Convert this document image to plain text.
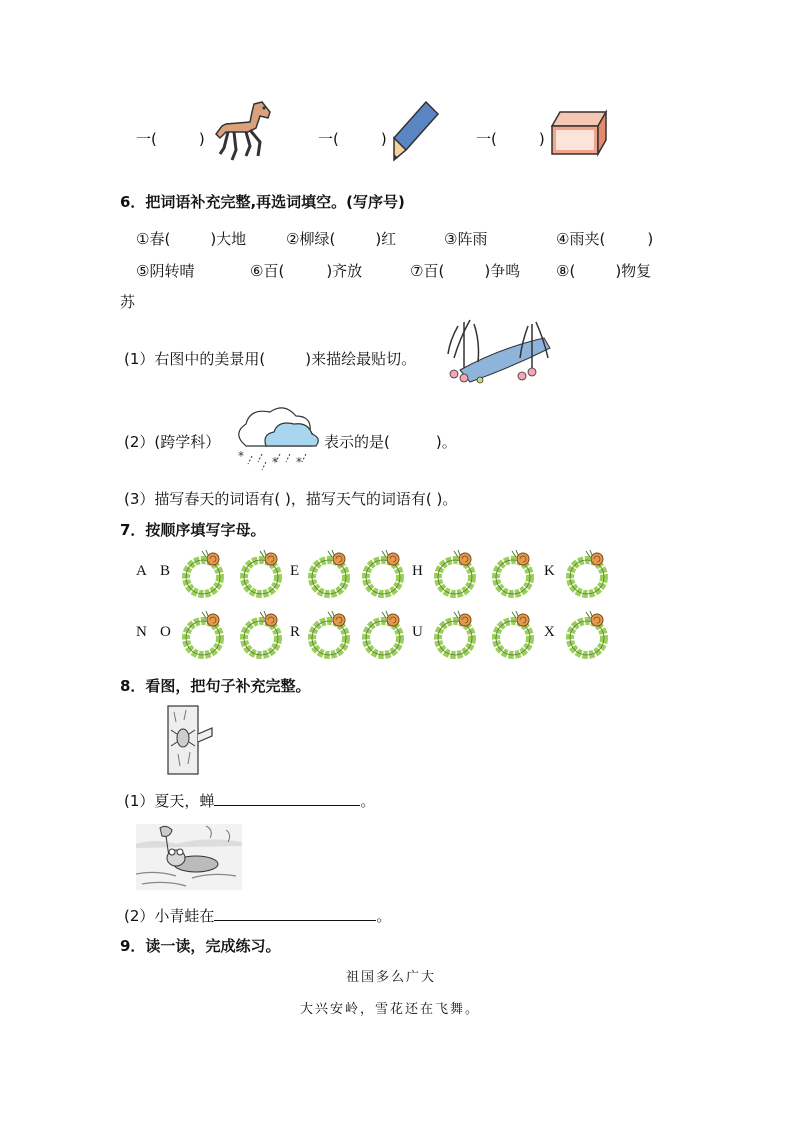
一(	)	一(	)	一(	)
6．把词语补充完整,再选词填空。(写序号)
①春(	)大地	②柳绿(	)红	③阵雨	④雨夹(	)
⑤阴转晴	⑥百(	)齐放	⑦百(	)争鸣 ⑧(	)物复
苏
(1）右图中的美景用(	)来描绘最贴切。
(2）(跨学科）
* * *
表示的是(	)。
(3）描写春天的词语有( )，描写天气的词语有( )。
7．按顺序填写字母。
A B	E	H	K
N O	R	U	X
8．看图，把句子补充完整。
(1）夏天，蝉	。
(2）小青蛙在	。
9．读一读，完成练习。
祖国多么广大
大兴安岭，雪花还在飞舞。
